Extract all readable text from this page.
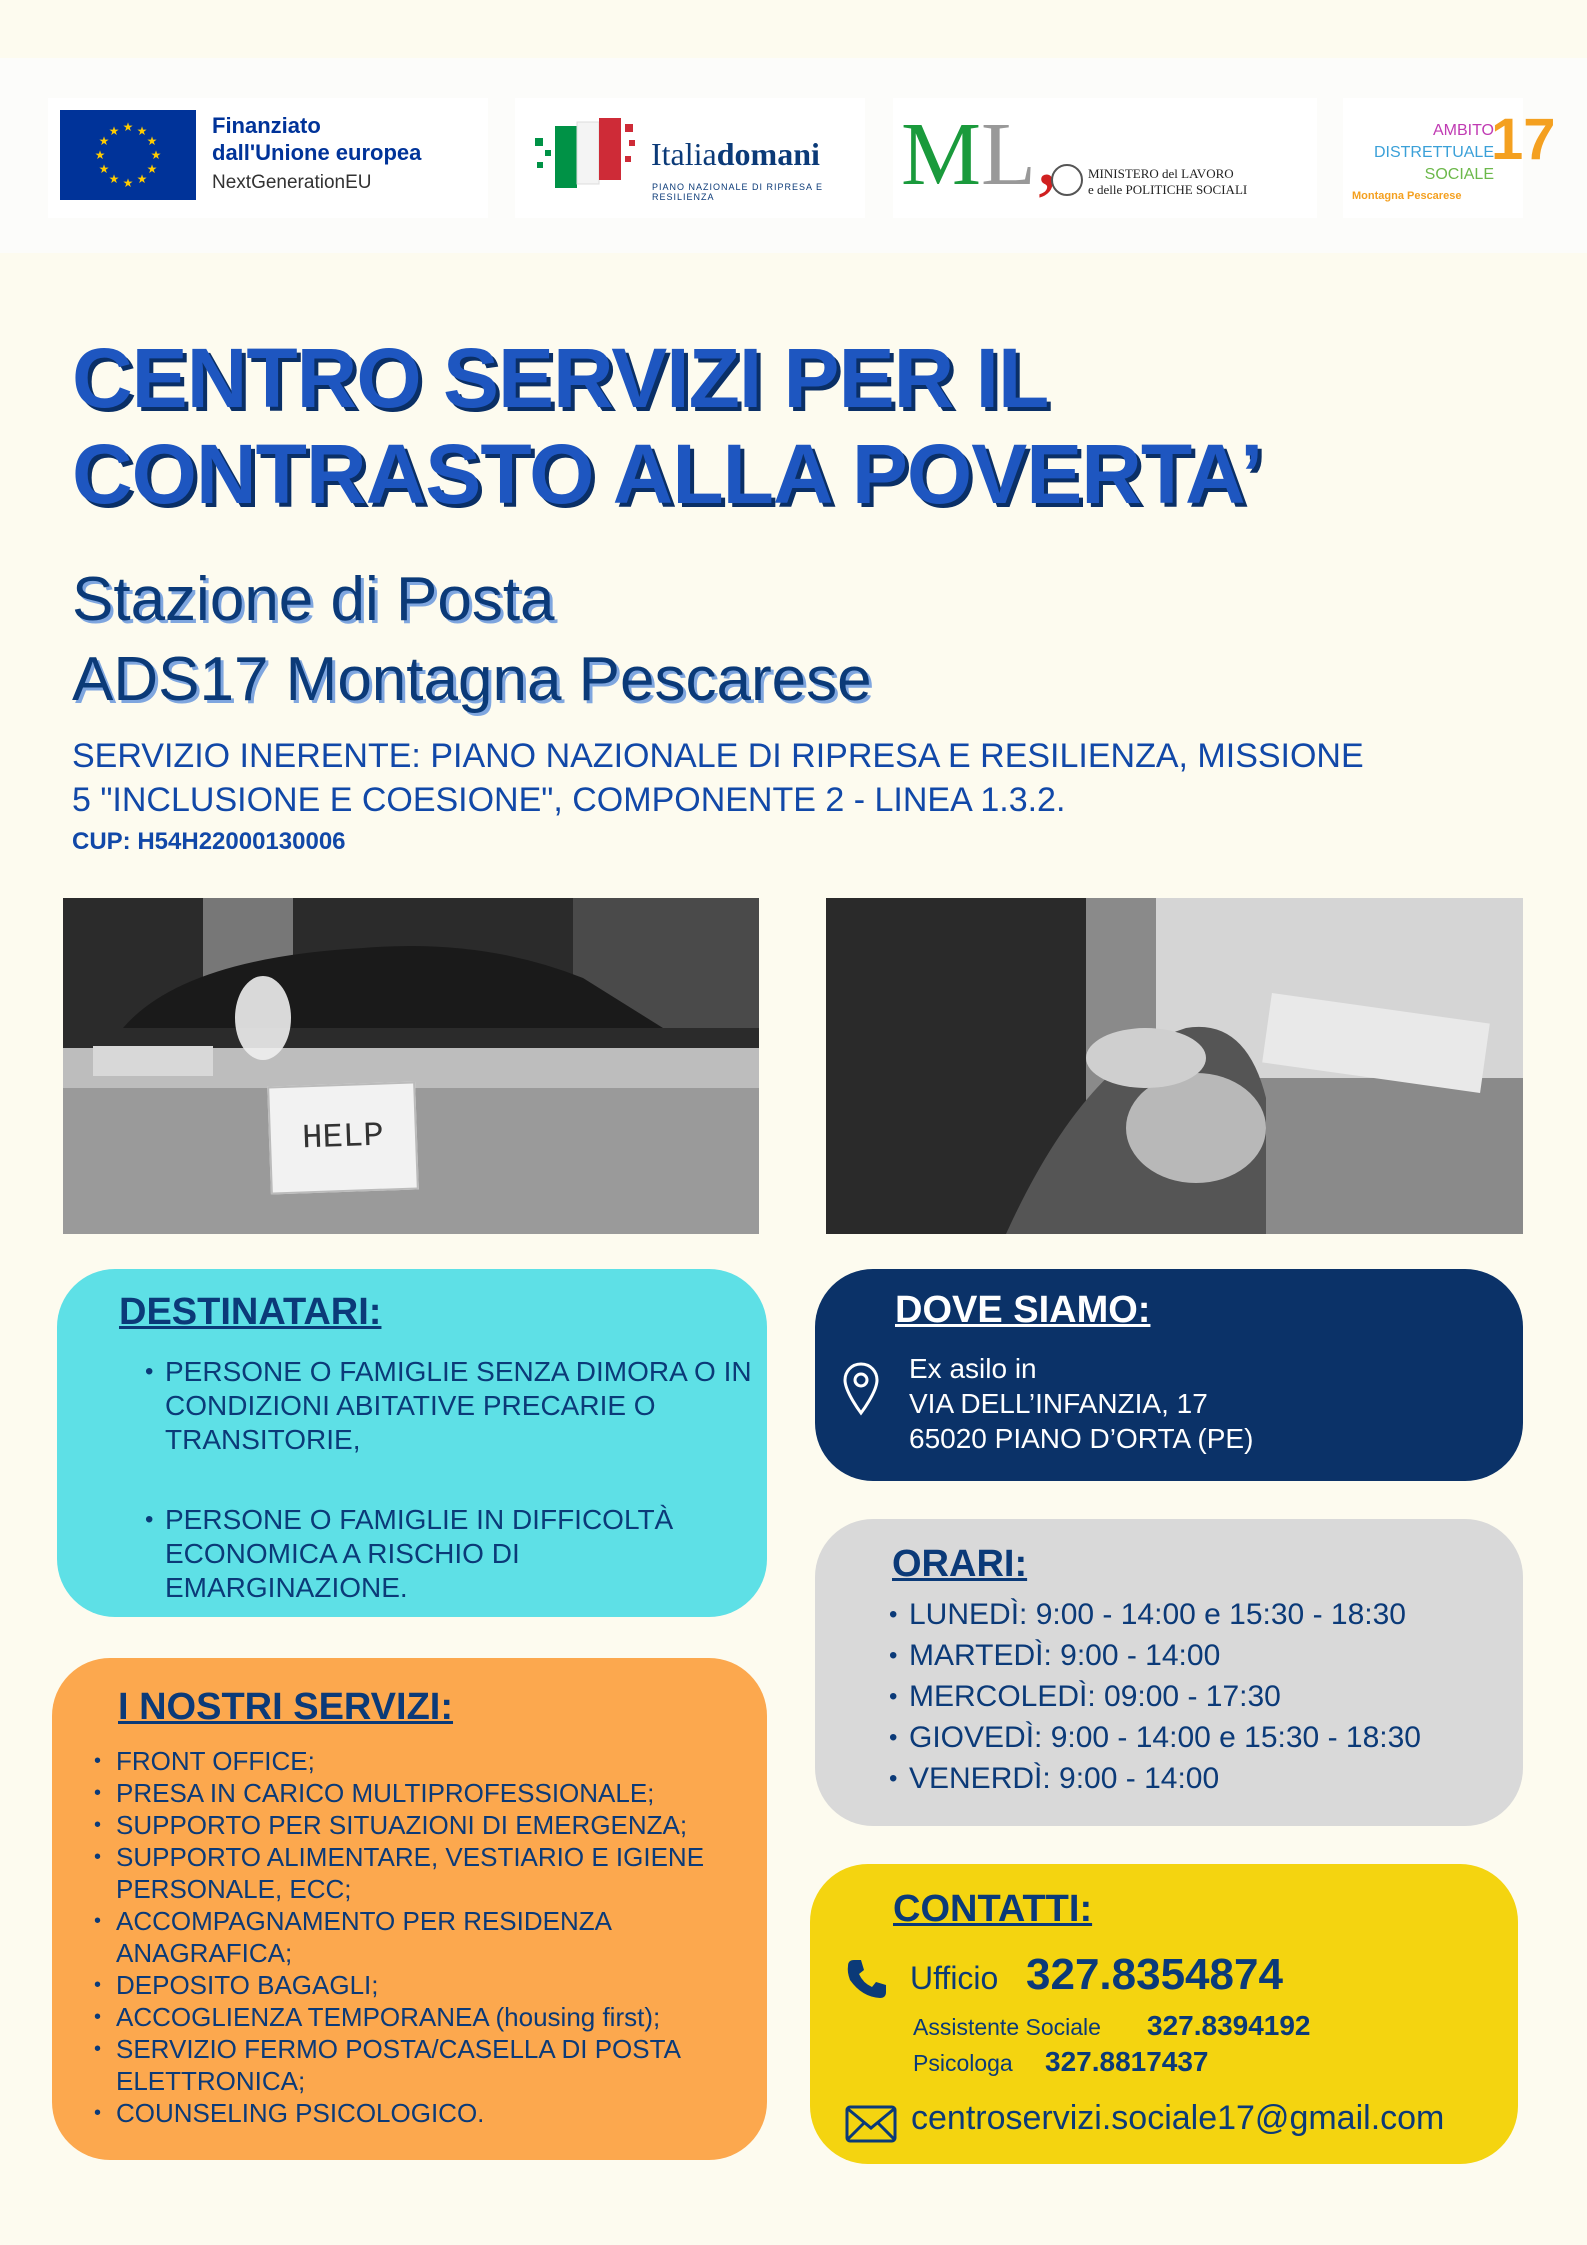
★ ★
★
★
★
★
★
★
★
★
★
★	Finanziato
dall'Unione europea
NextGenerationEU
Italiadomani
PIANO NAZIONALE DI RIPRESA E RESILIENZA	ML, MINISTERO del LAVORO
e delle POLITICHE SOCIALI
AMBITO
DISTRETTUALE
SOCIALE
17
Montagna Pescarese
CENTRO SERVIZI PER IL
CONTRASTO ALLA POVERTA’
Stazione di Posta
ADS17 Montagna Pescarese
SERVIZIO INERENTE: PIANO NAZIONALE DI RIPRESA E RESILIENZA, MISSIONE
5 "INCLUSIONE E COESIONE", COMPONENTE 2 - LINEA 1.3.2.
CUP: H54H22000130006
HELP
DESTINATARI:
• PERSONE O FAMIGLIE SENZA DIMORA O IN CONDIZIONI ABITATIVE PRECARIE O TRANSITORIE,
• PERSONE O FAMIGLIE IN DIFFICOLTÀ ECONOMICA A RISCHIO DI EMARGINAZIONE.
DOVE SIAMO:
Ex asilo in
VIA DELL’INFANZIA, 17
65020 PIANO D’ORTA (PE)
ORARI:
• LUNEDÌ: 9:00 - 14:00 e 15:30 - 18:30
• MARTEDÌ: 9:00 - 14:00
• MERCOLEDÌ: 09:00 - 17:30
• GIOVEDÌ: 9:00 - 14:00 e 15:30 - 18:30
• VENERDÌ: 9:00 - 14:00
I NOSTRI SERVIZI:
• FRONT OFFICE;
• PRESA IN CARICO MULTIPROFESSIONALE;
• SUPPORTO PER SITUAZIONI DI EMERGENZA;
• SUPPORTO ALIMENTARE, VESTIARIO E IGIENE PERSONALE, ECC;
• ACCOMPAGNAMENTO PER RESIDENZA ANAGRAFICA;
• DEPOSITO BAGAGLI;
• ACCOGLIENZA TEMPORANEA (housing first);
• SERVIZIO FERMO POSTA/CASELLA DI POSTA ELETTRONICA;
• COUNSELING PSICOLOGICO.
CONTATTI:
Ufficio 327.8354874
Assistente Sociale 327.8394192
Psicologa 327.8817437
centroservizi.sociale17@gmail.com
